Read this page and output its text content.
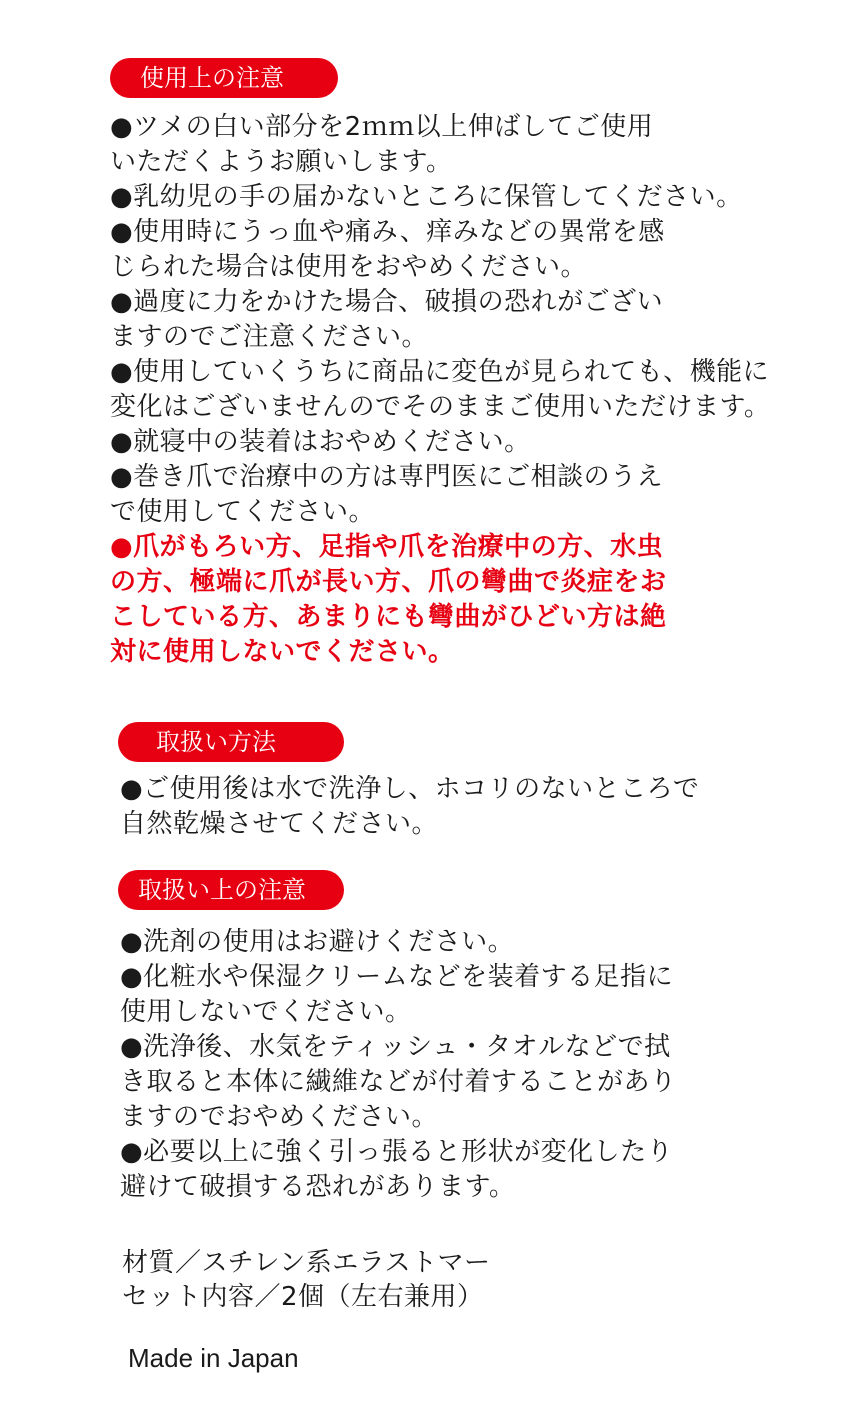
使用上の注意

●ツメの白い部分を2ｍｍ以上伸ばしてご使用
いただくようお願いします。

●乳幼児の手の届かないところに保管してください。

●使用時にうっ血や痛み、痒みなどの異常を感
じられた場合は使用をおやめください。

●過度に力をかけた場合、破損の恐れがござい
ますのでご注意ください。

●使用していくうちに商品に変色が見られても、機能に
変化はございませんのでそのままご使用いただけます。

●就寝中の装着はおやめください。

●巻き爪で治療中の方は専門医にご相談のうえ
で使用してください。

●爪がもろい方、足指や爪を治療中の方、水虫
の方、極端に爪が長い方、爪の彎曲で炎症をお
こしている方、あまりにも彎曲がひどい方は絶
対に使用しないでください。

取扱い方法

●ご使用後は水で洗浄し、ホコリのないところで
自然乾燥させてください。

取扱い上の注意

●洗剤の使用はお避けください。

●化粧水や保湿クリームなどを装着する足指に
使用しないでください。

●洗浄後、水気をティッシュ・タオルなどで拭
き取ると本体に繊維などが付着することがあり
ますのでおやめください。

●必要以上に強く引っ張ると形状が変化したり
避けて破損する恐れがあります。

材質／スチレン系エラストマー
セット内容／2個（左右兼用）
Made in Japan
